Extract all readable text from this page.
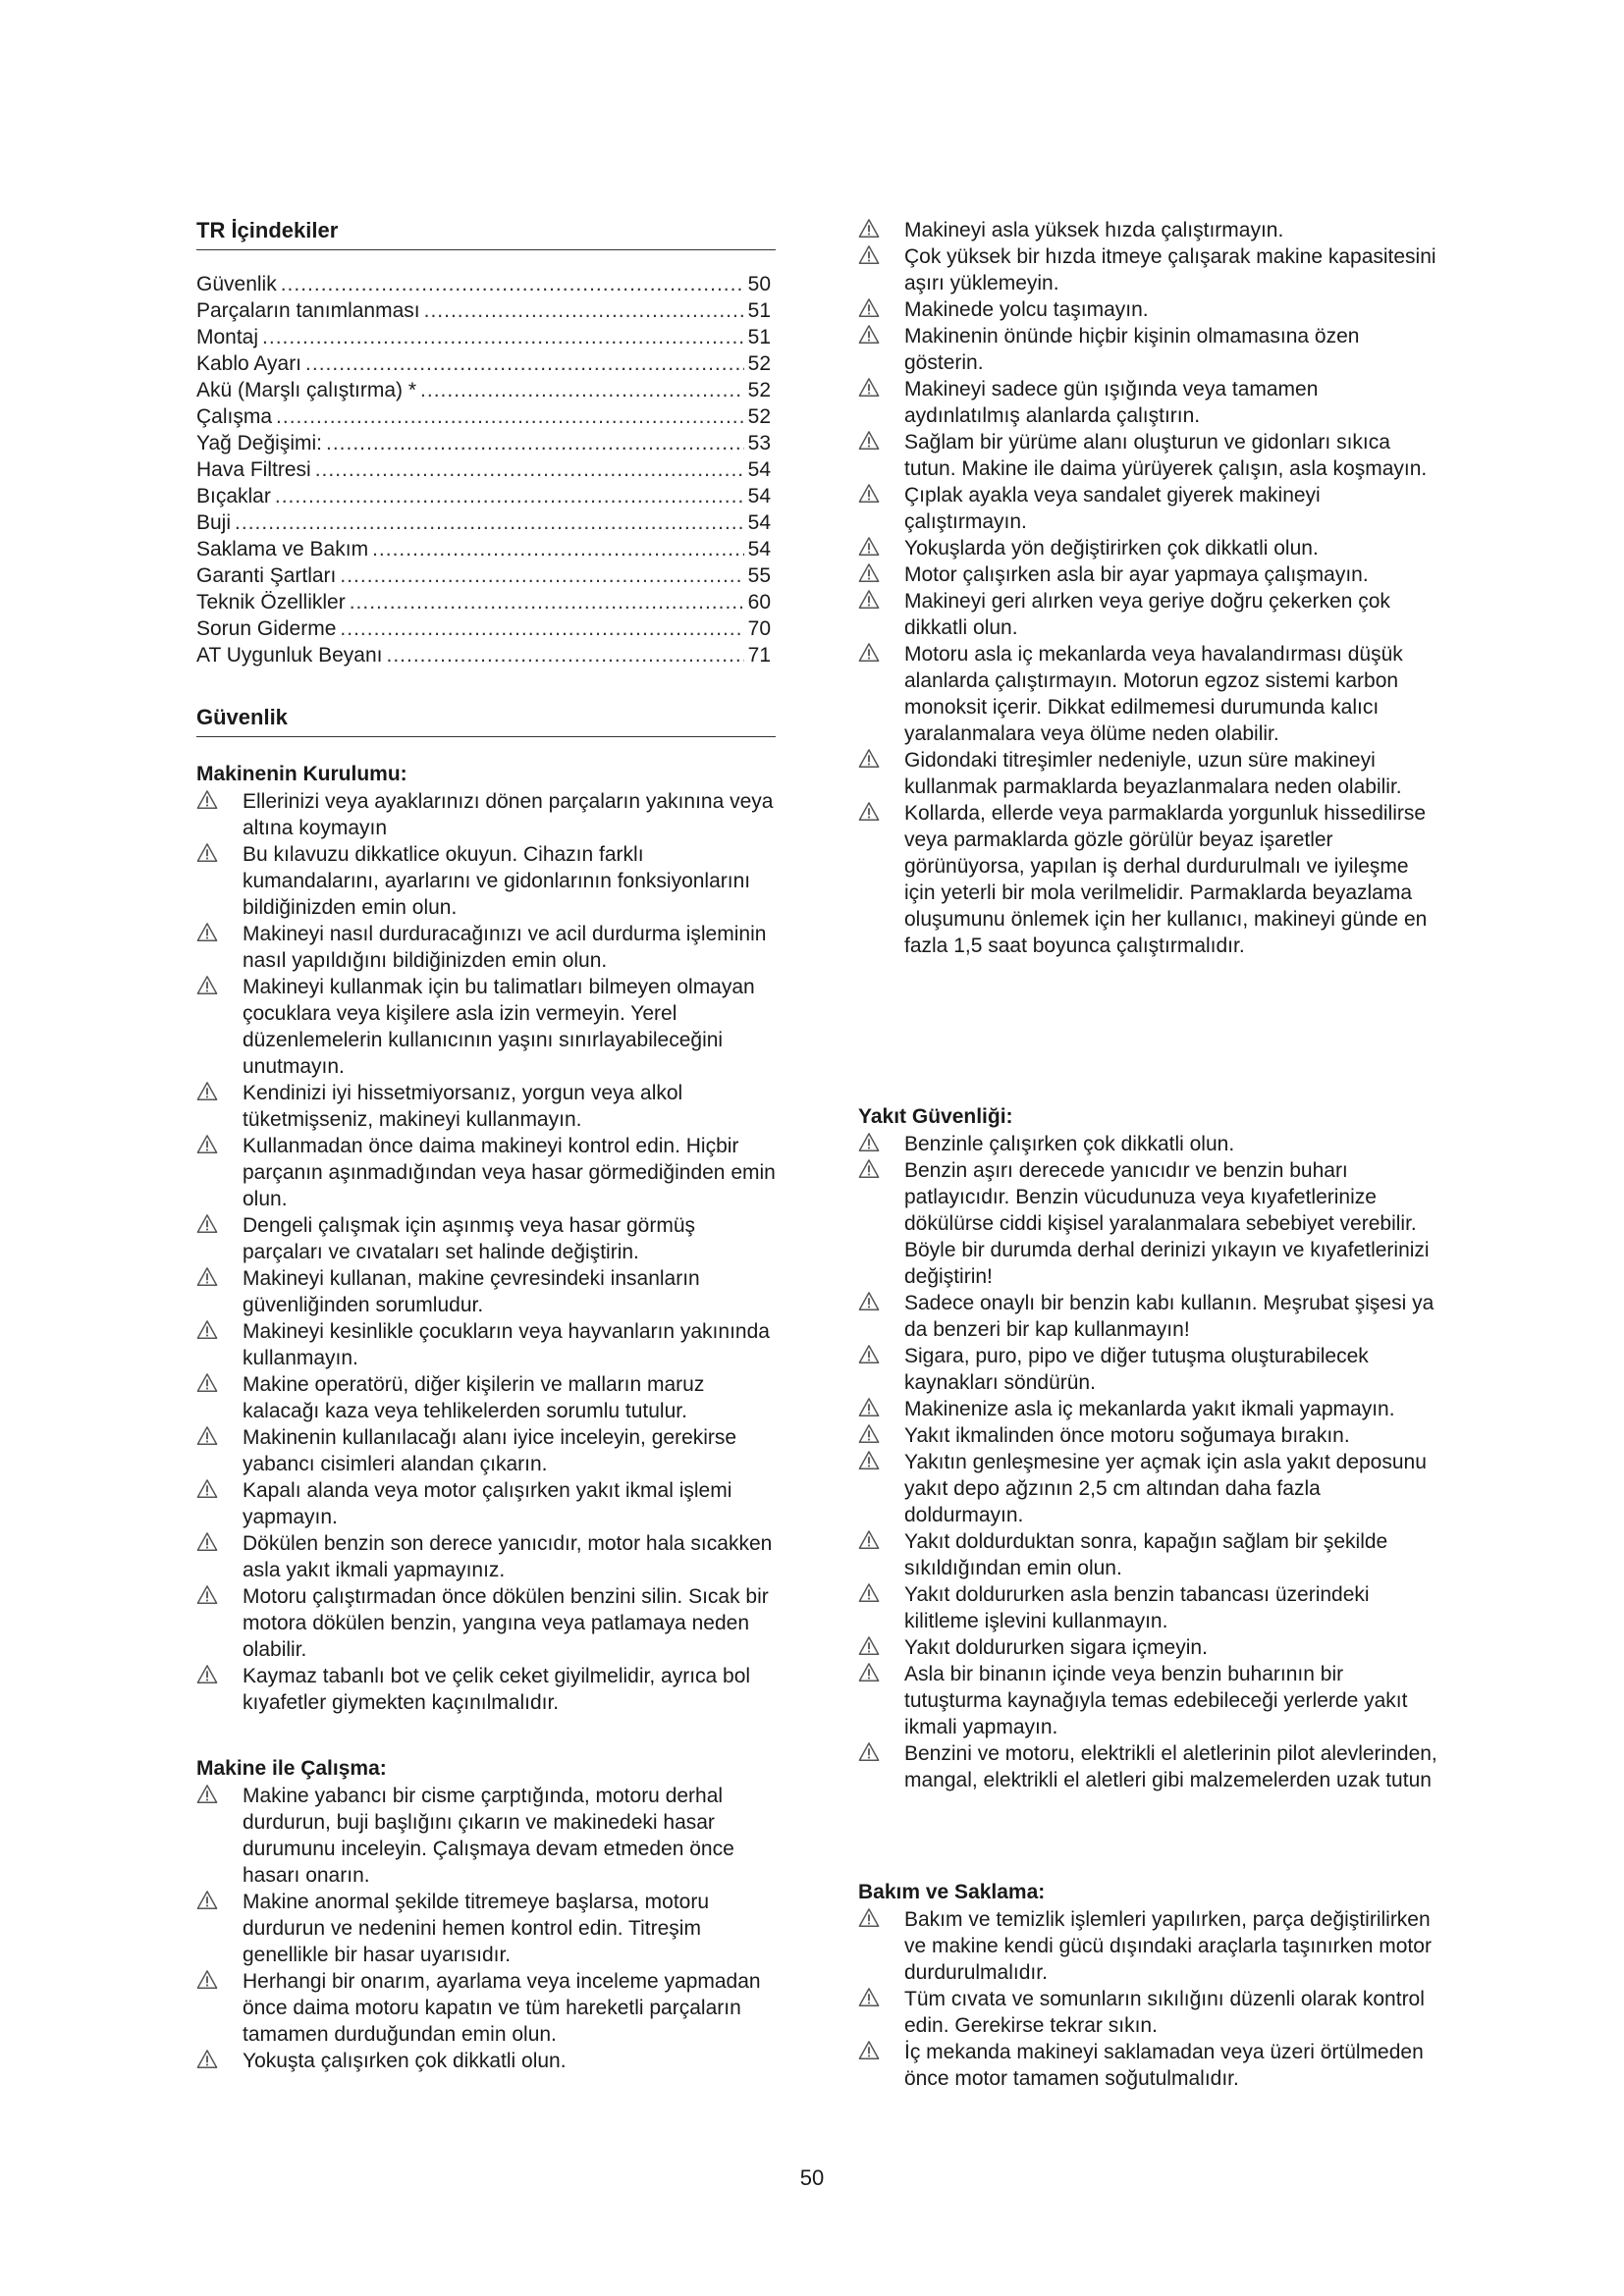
TR İçindekiler
Güvenlik .....	50
Parçaların tanımlanması .....	51
Montaj .....	51
Kablo Ayarı .....	52
Akü (Marşlı çalıştırma) * .....	52
Çalışma .....	52
Yağ Değişimi: .....	53
Hava Filtresi .....	54
Bıçaklar .....	54
Buji .....	54
Saklama ve Bakım .....	54
Garanti Şartları .....	55
Teknik Özellikler .....	60
Sorun Giderme .....	70
AT Uygunluk Beyanı .....	71
Güvenlik
Makinenin Kurulumu:
Ellerinizi veya ayaklarınızı dönen parçaların yakınına veya altına koymayın
Bu kılavuzu dikkatlice okuyun. Cihazın farklı kumandalarını, ayarlarını ve gidonlarının fonksiyonlarını bildiğinizden emin olun.
Makineyi nasıl durduracağınızı ve acil durdurma işleminin nasıl yapıldığını bildiğinizden emin olun.
Makineyi kullanmak için bu talimatları bilmeyen olmayan çocuklara veya kişilere asla izin vermeyin. Yerel düzenlemelerin kullanıcının yaşını sınırlayabileceğini unutmayın.
Kendinizi iyi hissetmiyorsanız, yorgun veya alkol tüketmişseniz, makineyi kullanmayın.
Kullanmadan önce daima makineyi kontrol edin. Hiçbir parçanın aşınmadığından veya hasar görmediğinden emin olun.
Dengeli çalışmak için aşınmış veya hasar görmüş parçaları ve cıvataları set halinde değiştirin.
Makineyi kullanan, makine çevresindeki insanların güvenliğinden sorumludur.
Makineyi kesinlikle çocukların veya hayvanların yakınında kullanmayın.
Makine operatörü, diğer kişilerin ve malların maruz kalacağı kaza veya tehlikelerden sorumlu tutulur.
Makinenin kullanılacağı alanı iyice inceleyin, gerekirse yabancı cisimleri alandan çıkarın.
Kapalı alanda veya motor çalışırken yakıt ikmal işlemi yapmayın.
Dökülen benzin son derece yanıcıdır, motor hala sıcakken asla yakıt ikmali yapmayınız.
Motoru çalıştırmadan önce dökülen benzini silin. Sıcak bir motora dökülen benzin, yangına veya patlamaya neden olabilir.
Kaymaz tabanlı bot ve çelik ceket giyilmelidir, ayrıca bol kıyafetler giymekten kaçınılmalıdır.
Makine ile Çalışma:
Makine yabancı bir cisme çarptığında, motoru derhal durdurun, buji başlığını çıkarın ve makinedeki hasar durumunu inceleyin. Çalışmaya devam etmeden önce hasarı onarın.
Makine anormal şekilde titremeye başlarsa, motoru durdurun ve nedenini hemen kontrol edin. Titreşim genellikle bir hasar uyarısıdır.
Herhangi bir onarım, ayarlama veya inceleme yapmadan önce daima motoru kapatın ve tüm hareketli parçaların tamamen durduğundan emin olun.
Yokuşta çalışırken çok dikkatli olun.
Makineyi asla yüksek hızda çalıştırmayın.
Çok yüksek bir hızda itmeye çalışarak makine kapasitesini aşırı yüklemeyin.
Makinede yolcu taşımayın.
Makinenin önünde hiçbir kişinin olmamasına özen gösterin.
Makineyi sadece gün ışığında veya tamamen aydınlatılmış alanlarda çalıştırın.
Sağlam bir yürüme alanı oluşturun ve gidonları sıkıca tutun. Makine ile daima yürüyerek çalışın, asla koşmayın.
Çıplak ayakla veya sandalet giyerek makineyi çalıştırmayın.
Yokuşlarda yön değiştirirken çok dikkatli olun.
Motor çalışırken asla bir ayar yapmaya çalışmayın.
Makineyi geri alırken veya geriye doğru çekerken çok dikkatli olun.
Motoru asla iç mekanlarda veya havalandırması düşük alanlarda çalıştırmayın. Motorun egzoz sistemi karbon monoksit içerir. Dikkat edilmemesi durumunda kalıcı yaralanmalara veya ölüme neden olabilir.
Gidondaki titreşimler nedeniyle, uzun süre makineyi kullanmak parmaklarda beyazlanmalara neden olabilir.
Kollarda, ellerde veya parmaklarda yorgunluk hissedilirse veya parmaklarda gözle görülür beyaz işaretler görünüyorsa, yapılan iş derhal durdurulmalı ve iyileşme için yeterli bir mola verilmelidir. Parmaklarda beyazlama oluşumunu önlemek için her kullanıcı, makineyi günde en fazla 1,5 saat boyunca çalıştırmalıdır.
Yakıt Güvenliği:
Benzinle çalışırken çok dikkatli olun.
Benzin aşırı derecede yanıcıdır ve benzin buharı patlayıcıdır. Benzin vücudunuza veya kıyafetlerinize dökülürse ciddi kişisel yaralanmalara sebebiyet verebilir. Böyle bir durumda derhal derinizi yıkayın ve kıyafetlerinizi değiştirin!
Sadece onaylı bir benzin kabı kullanın. Meşrubat şişesi ya da benzeri bir kap kullanmayın!
Sigara, puro, pipo ve diğer tutuşma oluşturabilecek kaynakları söndürün.
Makinenize asla iç mekanlarda yakıt ikmali yapmayın.
Yakıt ikmalinden önce motoru soğumaya bırakın.
Yakıtın genleşmesine yer açmak için asla yakıt deposunu yakıt depo ağzının 2,5 cm altından daha fazla doldurmayın.
Yakıt doldurduktan sonra, kapağın sağlam bir şekilde sıkıldığından emin olun.
Yakıt doldururken asla benzin tabancası üzerindeki kilitleme işlevini kullanmayın.
Yakıt doldururken sigara içmeyin.
Asla bir binanın içinde veya benzin buharının bir tutuşturma kaynağıyla temas edebileceği yerlerde yakıt ikmali yapmayın.
Benzini ve motoru, elektrikli el aletlerinin pilot alevlerinden, mangal, elektrikli el aletleri gibi malzemelerden uzak tutun
Bakım ve Saklama:
Bakım ve temizlik işlemleri yapılırken, parça değiştirilirken ve makine kendi gücü dışındaki araçlarla taşınırken motor durdurulmalıdır.
Tüm cıvata ve somunların sıkılığını düzenli olarak kontrol edin. Gerekirse tekrar sıkın.
İç mekanda makineyi saklamadan veya üzeri örtülmeden önce motor tamamen soğutulmalıdır.
50
